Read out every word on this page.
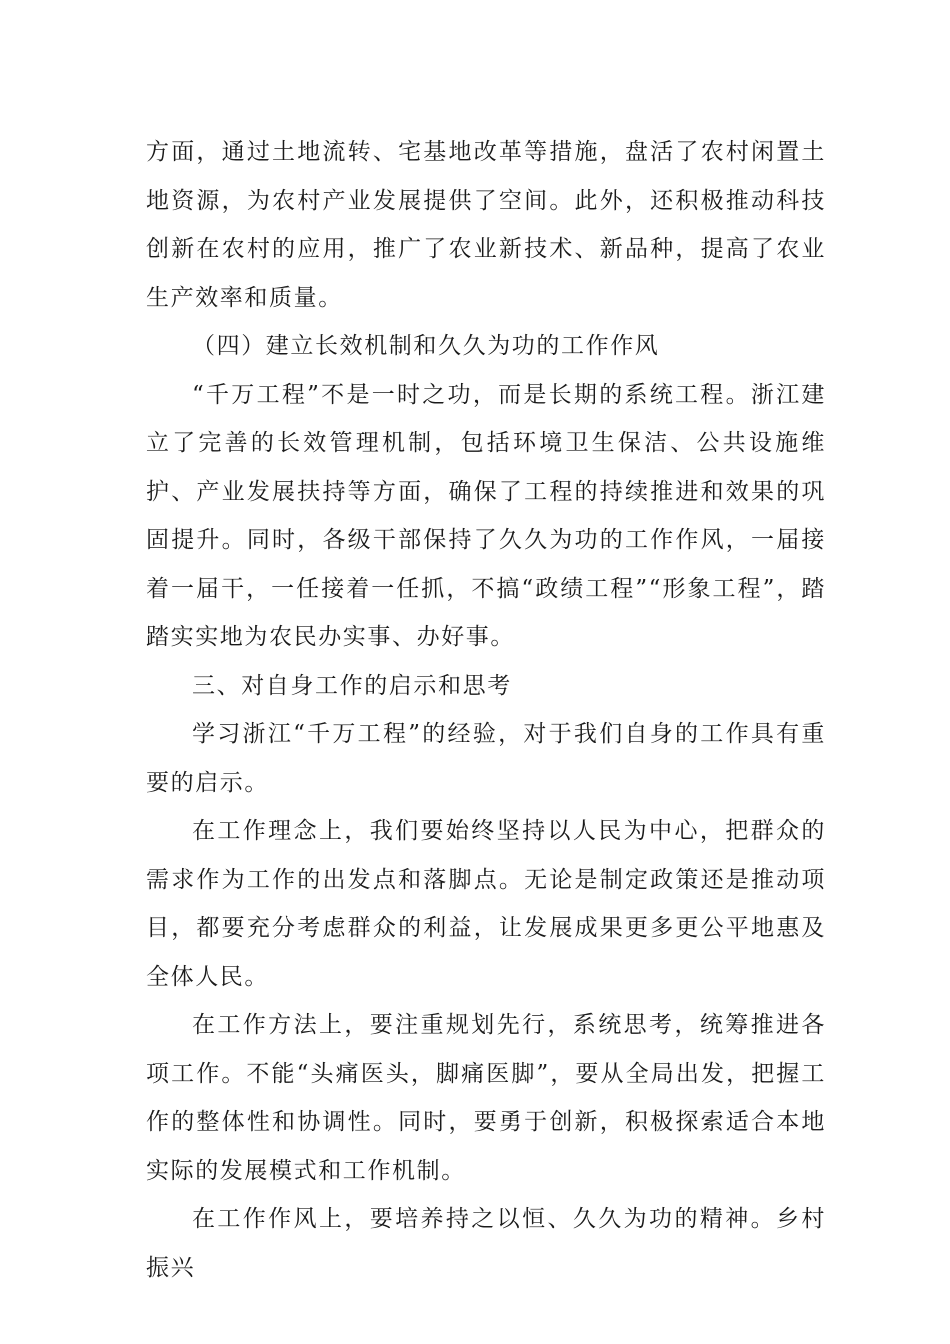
方面，通过土地流转、宅基地改革等措施，盘活了农村闲置土地资源，为农村产业发展提供了空间。此外，还积极推动科技创新在农村的应用，推广了农业新技术、新品种，提高了农业生产效率和质量。

（四）建立长效机制和久久为功的工作作风

“千万工程”不是一时之功，而是长期的系统工程。浙江建立了完善的长效管理机制，包括环境卫生保洁、公共设施维护、产业发展扶持等方面，确保了工程的持续推进和效果的巩固提升。同时，各级干部保持了久久为功的工作作风，一届接着一届干，一任接着一任抓，不搞“政绩工程”“形象工程”，踏踏实实地为农民办实事、办好事。

三、对自身工作的启示和思考

学习浙江“千万工程”的经验，对于我们自身的工作具有重要的启示。

在工作理念上，我们要始终坚持以人民为中心，把群众的需求作为工作的出发点和落脚点。无论是制定政策还是推动项目，都要充分考虑群众的利益，让发展成果更多更公平地惠及全体人民。

在工作方法上，要注重规划先行，系统思考，统筹推进各项工作。不能“头痛医头，脚痛医脚”，要从全局出发，把握工作的整体性和协调性。同时，要勇于创新，积极探索适合本地实际的发展模式和工作机制。

在工作作风上，要培养持之以恒、久久为功的精神。乡村振兴
